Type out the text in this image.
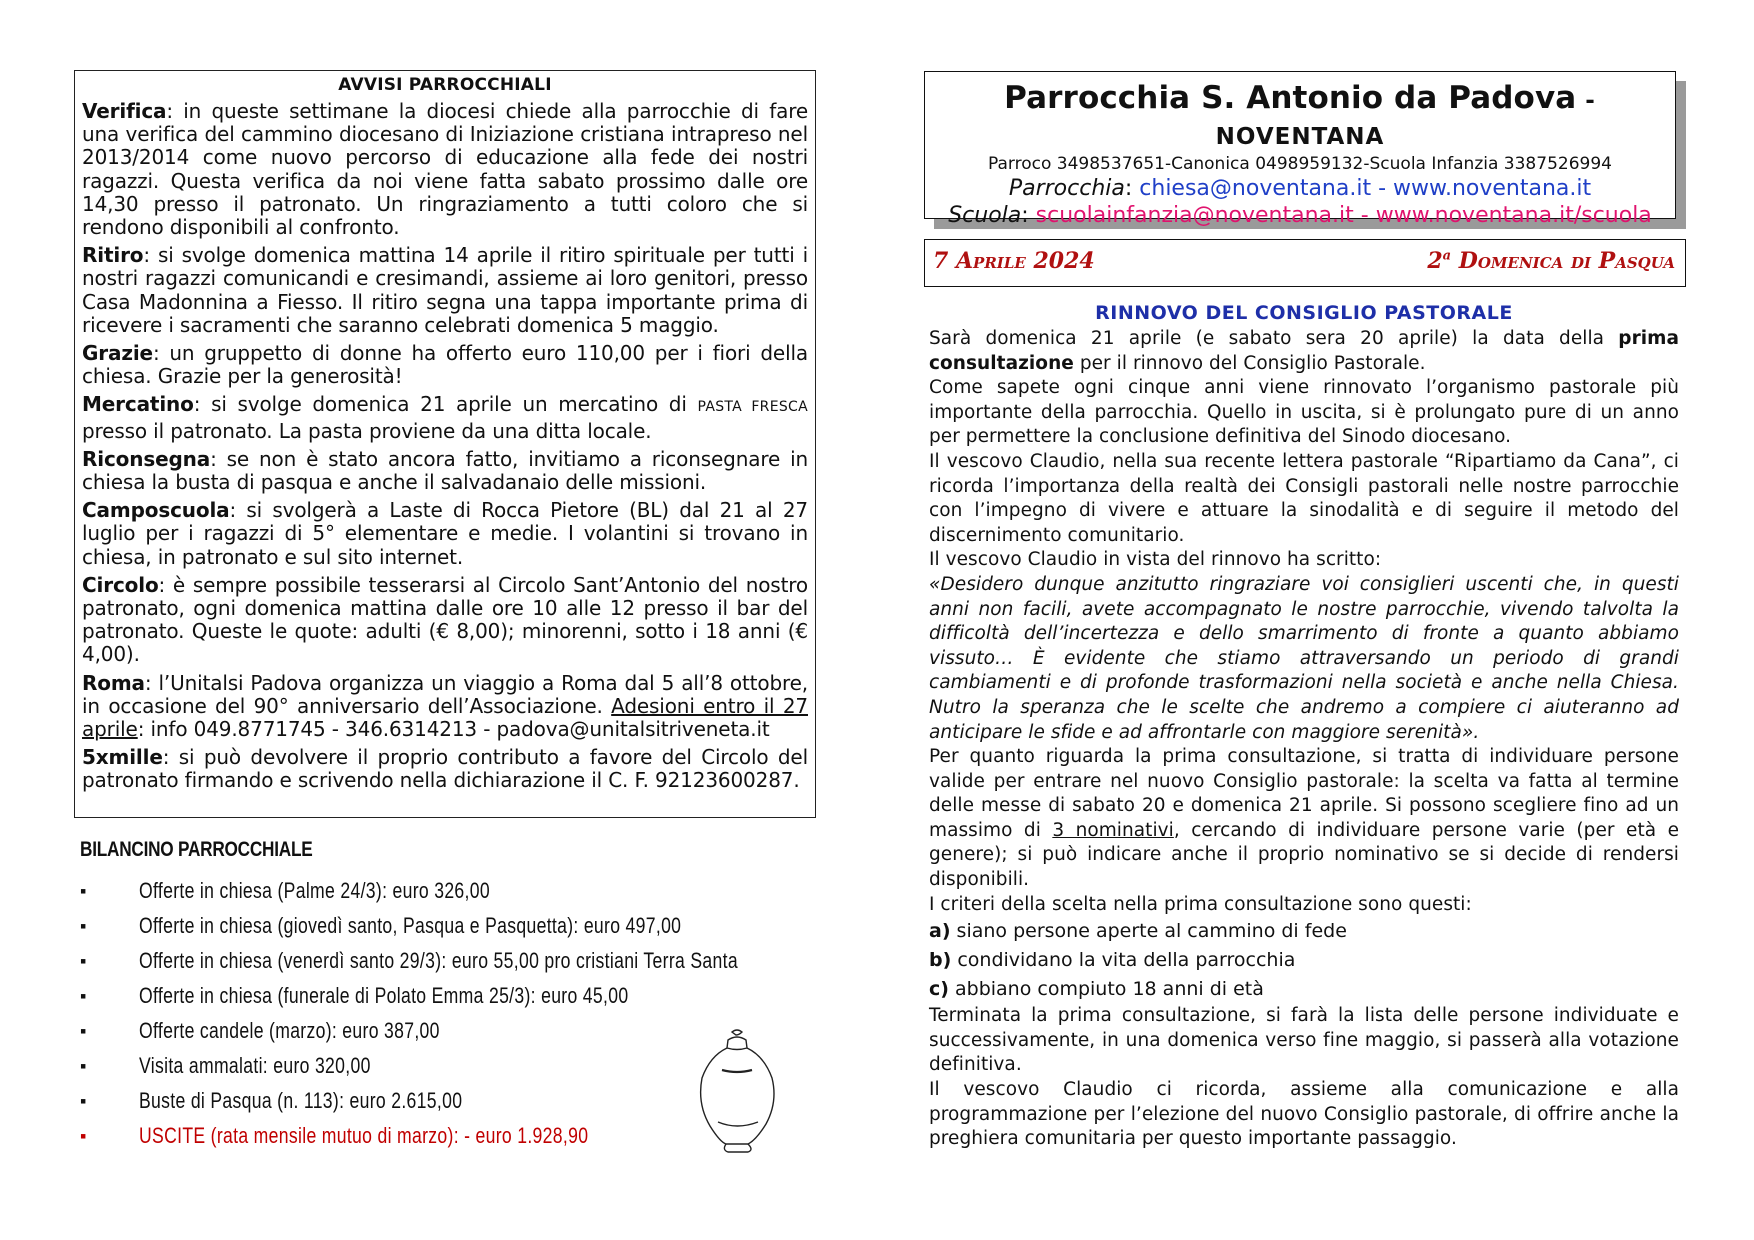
AVVISI PARROCCHIALI

Verifica: in queste settimane la diocesi chiede alla parrocchie di fare una verifica del cammino diocesano di Iniziazione cristiana intrapreso nel 2013/2014 come nuovo percorso di educazione alla fede dei nostri ragazzi. Questa verifica da noi viene fatta sabato prossimo dalle ore 14,30 presso il patronato. Un ringraziamento a tutti coloro che si rendono disponibili al confronto.

Ritiro: si svolge domenica mattina 14 aprile il ritiro spirituale per tutti i nostri ragazzi comunicandi e cresimandi, assieme ai loro genitori, presso Casa Madonnina a Fiesso. Il ritiro segna una tappa importante prima di ricevere i sacramenti che saranno celebrati domenica 5 maggio.

Grazie: un gruppetto di donne ha offerto euro 110,00 per i fiori della chiesa. Grazie per la generosità!

Mercatino: si svolge domenica 21 aprile un mercatino di PASTA FRESCA presso il patronato. La pasta proviene da una ditta locale.

Riconsegna: se non è stato ancora fatto, invitiamo a riconsegnare in chiesa la busta di pasqua e anche il salvadanaio delle missioni.

Camposcuola: si svolgerà a Laste di Rocca Pietore (BL) dal 21 al 27 luglio per i ragazzi di 5° elementare e medie. I volantini si trovano in chiesa, in patronato e sul sito internet.

Circolo: è sempre possibile tesserarsi al Circolo Sant’Antonio del nostro patronato, ogni domenica mattina dalle ore 10 alle 12 presso il bar del patronato. Queste le quote: adulti (€ 8,00); minorenni, sotto i 18 anni (€ 4,00).

Roma: l’Unitalsi Padova organizza un viaggio a Roma dal 5 all’8 ottobre, in occasione del 90° anniversario dell’Associazione. Adesioni entro il 27 aprile: info 049.8771745 - 346.6314213 - padova@unitalsitriveneta.it

5xmille: si può devolvere il proprio contributo a favore del Circolo del patronato firmando e scrivendo nella dichiarazione il C. F. 92123600287.

BILANCINO PARROCCHIALE
▪ Offerte in chiesa (Palme 24/3): euro 326,00
▪ Offerte in chiesa (giovedì santo, Pasqua e Pasquetta): euro 497,00
▪ Offerte in chiesa (venerdì santo 29/3): euro 55,00 pro cristiani Terra Santa
▪ Offerte in chiesa (funerale di Polato Emma 25/3): euro 45,00
▪ Offerte candele (marzo): euro 387,00
▪ Visita ammalati: euro 320,00
▪ Buste di Pasqua (n. 113): euro 2.615,00
▪ USCITE (rata mensile mutuo di marzo): - euro 1.928,90
Parrocchia S. Antonio da Padova - NOVENTANA
Parroco 3498537651-Canonica 0498959132-Scuola Infanzia 3387526994
Parrocchia: chiesa@noventana.it - www.noventana.it
Scuola: scuolainfanzia@noventana.it - www.noventana.it/scuola
7 Aprile 2024	2$^a$ Domenica di Pasqua
RINNOVO DEL CONSIGLIO PASTORALE

Sarà domenica 21 aprile (e sabato sera 20 aprile) la data della prima consultazione per il rinnovo del Consiglio Pastorale.

Come sapete ogni cinque anni viene rinnovato l’organismo pastorale più importante della parrocchia. Quello in uscita, si è prolungato pure di un anno per permettere la conclusione definitiva del Sinodo diocesano.

Il vescovo Claudio, nella sua recente lettera pastorale “Ripartiamo da Cana”, ci ricorda l’importanza della realtà dei Consigli pastorali nelle nostre parrocchie con l’impegno di vivere e attuare la sinodalità e di seguire il metodo del discernimento comunitario.

Il vescovo Claudio in vista del rinnovo ha scritto:

«Desidero dunque anzitutto ringraziare voi consiglieri uscenti che, in questi anni non facili, avete accompagnato le nostre parrocchie, vivendo talvolta la difficoltà dell’incertezza e dello smarrimento di fronte a quanto abbiamo vissuto… È evidente che stiamo attraversando un periodo di grandi cambiamenti e di profonde trasformazioni nella società e anche nella Chiesa. Nutro la speranza che le scelte che andremo a compiere ci aiuteranno ad anticipare le sfide e ad affrontarle con maggiore serenità».

Per quanto riguarda la prima consultazione, si tratta di individuare persone valide per entrare nel nuovo Consiglio pastorale: la scelta va fatta al termine delle messe di sabato 20 e domenica 21 aprile. Si possono scegliere fino ad un massimo di 3 nominativi, cercando di individuare persone varie (per età e genere); si può indicare anche il proprio nominativo se si decide di rendersi disponibili.

I criteri della scelta nella prima consultazione sono questi:

a) siano persone aperte al cammino di fede

b) condividano la vita della parrocchia

c) abbiano compiuto 18 anni di età

Terminata la prima consultazione, si farà la lista delle persone individuate e successivamente, in una domenica verso fine maggio, si passerà alla votazione definitiva.

Il vescovo Claudio ci ricorda, assieme alla comunicazione e alla programmazione per l’elezione del nuovo Consiglio pastorale, di offrire anche la preghiera comunitaria per questo importante passaggio.
